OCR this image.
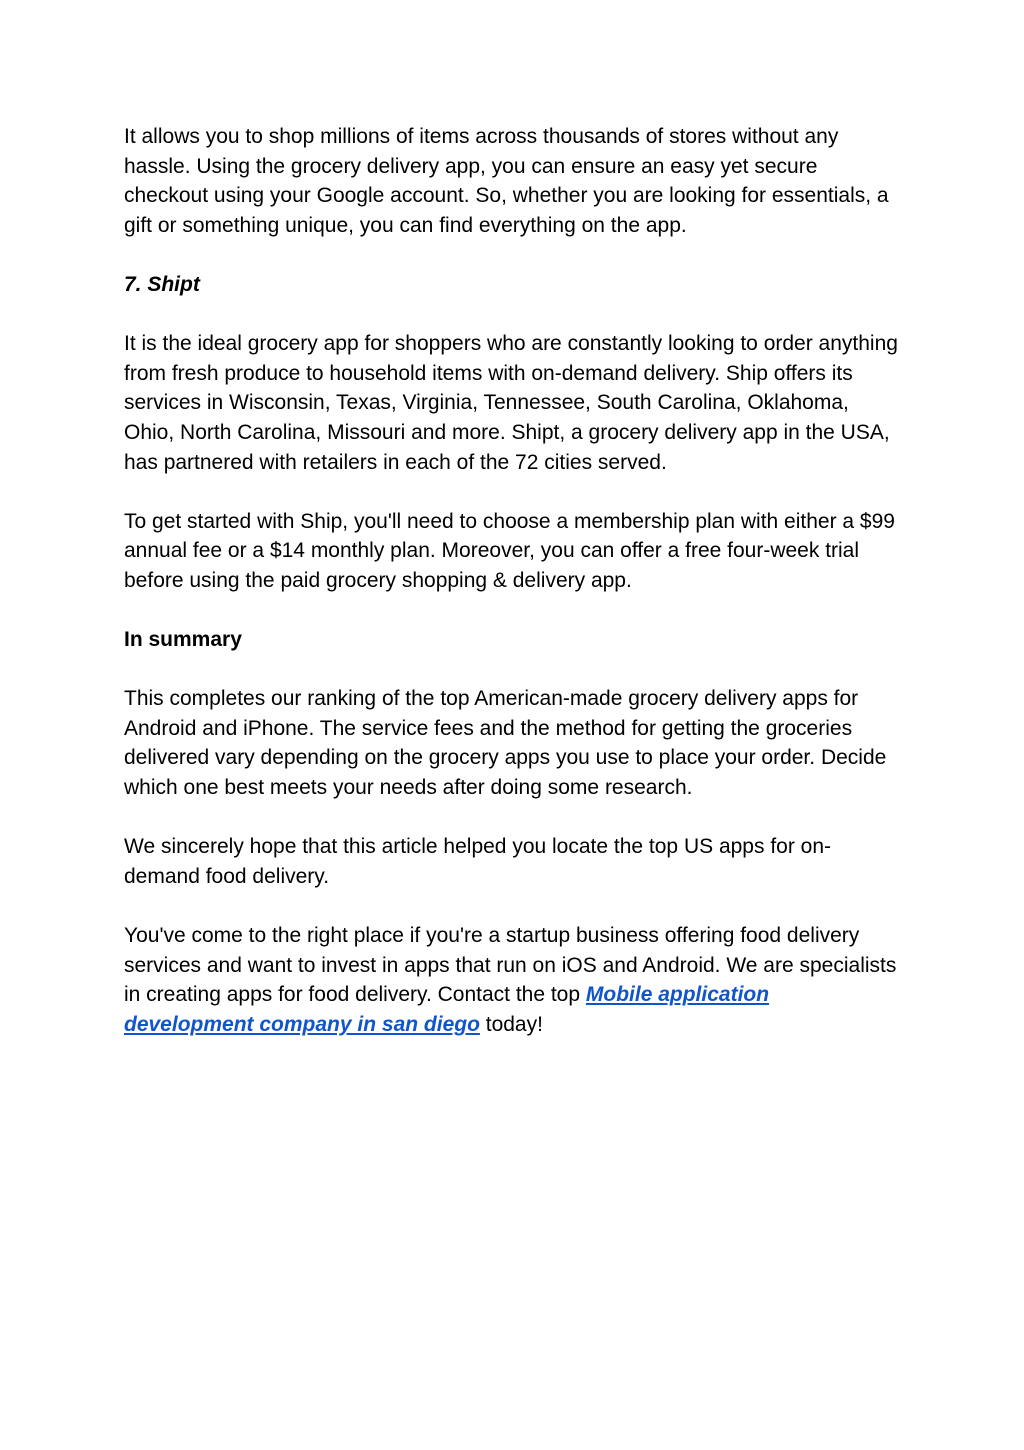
It allows you to shop millions of items across thousands of stores without any hassle. Using the grocery delivery app, you can ensure an easy yet secure checkout using your Google account. So, whether you are looking for essentials, a gift or something unique, you can find everything on the app.

7. Shipt

It is the ideal grocery app for shoppers who are constantly looking to order anything from fresh produce to household items with on-demand delivery. Ship offers its services in Wisconsin, Texas, Virginia, Tennessee, South Carolina, Oklahoma, Ohio, North Carolina, Missouri and more. Shipt, a grocery delivery app in the USA, has partnered with retailers in each of the 72 cities served.

To get started with Ship, you'll need to choose a membership plan with either a $99 annual fee or a $14 monthly plan. Moreover, you can offer a free four-week trial before using the paid grocery shopping & delivery app.

In summary

This completes our ranking of the top American-made grocery delivery apps for Android and iPhone. The service fees and the method for getting the groceries delivered vary depending on the grocery apps you use to place your order. Decide which one best meets your needs after doing some research.

We sincerely hope that this article helped you locate the top US apps for on-demand food delivery.

You've come to the right place if you're a startup business offering food delivery services and want to invest in apps that run on iOS and Android. We are specialists in creating apps for food delivery. Contact the top Mobile application development company in san diego today!
